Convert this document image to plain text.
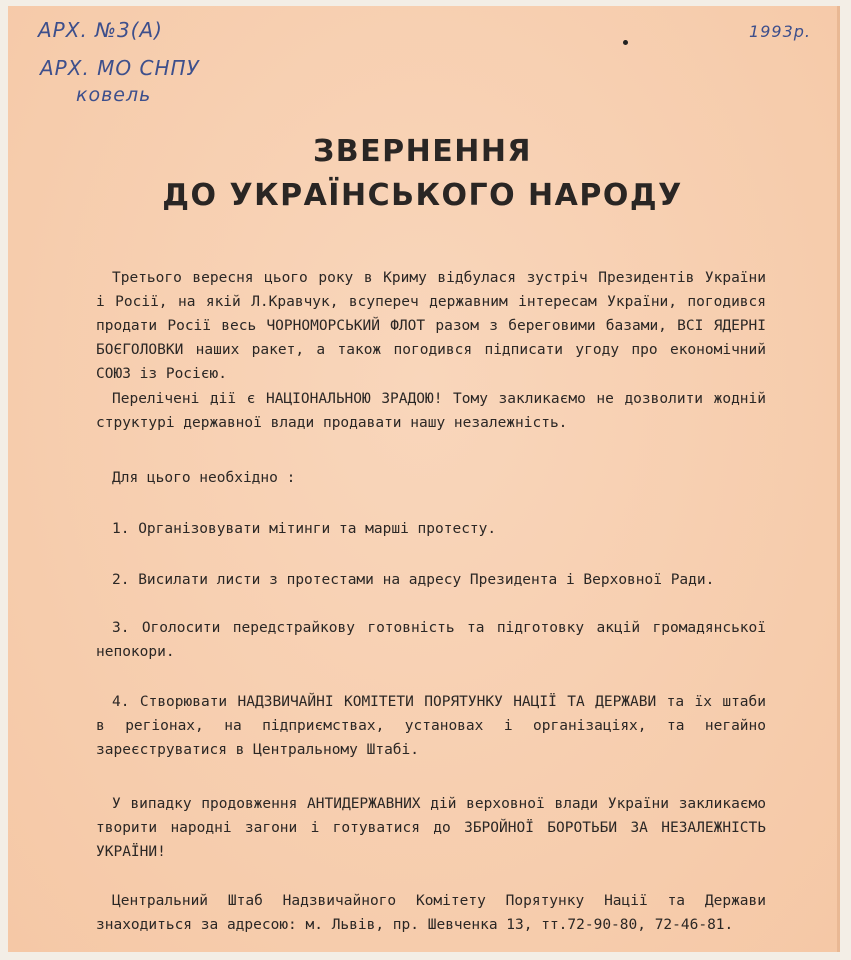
АРХ. №3(А)
АРХ. МО СНПУ
ковель
1993р.
ЗВЕРНЕННЯ
ДО УКРАЇНСЬКОГО НАРОДУ
Третього вересня цього року в Криму відбулася зустріч Президентів України і Росії, на якій Л.Кравчук, всупереч державним інтересам України, погодився продати Росії весь ЧОРНОМОРСЬКИЙ ФЛОТ разом з береговими базами, ВСІ ЯДЕРНІ БОЄГОЛОВКИ наших ракет, а також погодився підписати угоду про економічний СОЮЗ із Росією.
Перелічені дії є НАЦІОНАЛЬНОЮ ЗРАДОЮ! Тому закликаємо не дозволити жодній структурі державної влади продавати нашу незалежність.
Для цього необхідно :
1. Організовувати мітинги та марші протесту.
2. Висилати листи з протестами на адресу Президента і Верховної Ради.
3. Оголосити передстрайкову готовність та підготовку акцій громадянської непокори.
4. Створювати НАДЗВИЧАЙНІ КОМІТЕТИ ПОРЯТУНКУ НАЦІЇ ТА ДЕРЖАВИ та їх штаби в регіонах, на підприємствах, установах і організаціях, та негайно зареєструватися в Центральному Штабі.
У випадку продовження АНТИДЕРЖАВНИХ дій верховної влади України закликаємо творити народні загони і готуватися до ЗБРОЙНОЇ БОРОТЬБИ ЗА НЕЗАЛЕЖНІСТЬ УКРАЇНИ!
Центральний Штаб Надзвичайного Комітету Порятунку Нації та Держави знаходиться за адресою: м. Львів, пр. Шевченка 13, тт.72-90-80, 72-46-81.
